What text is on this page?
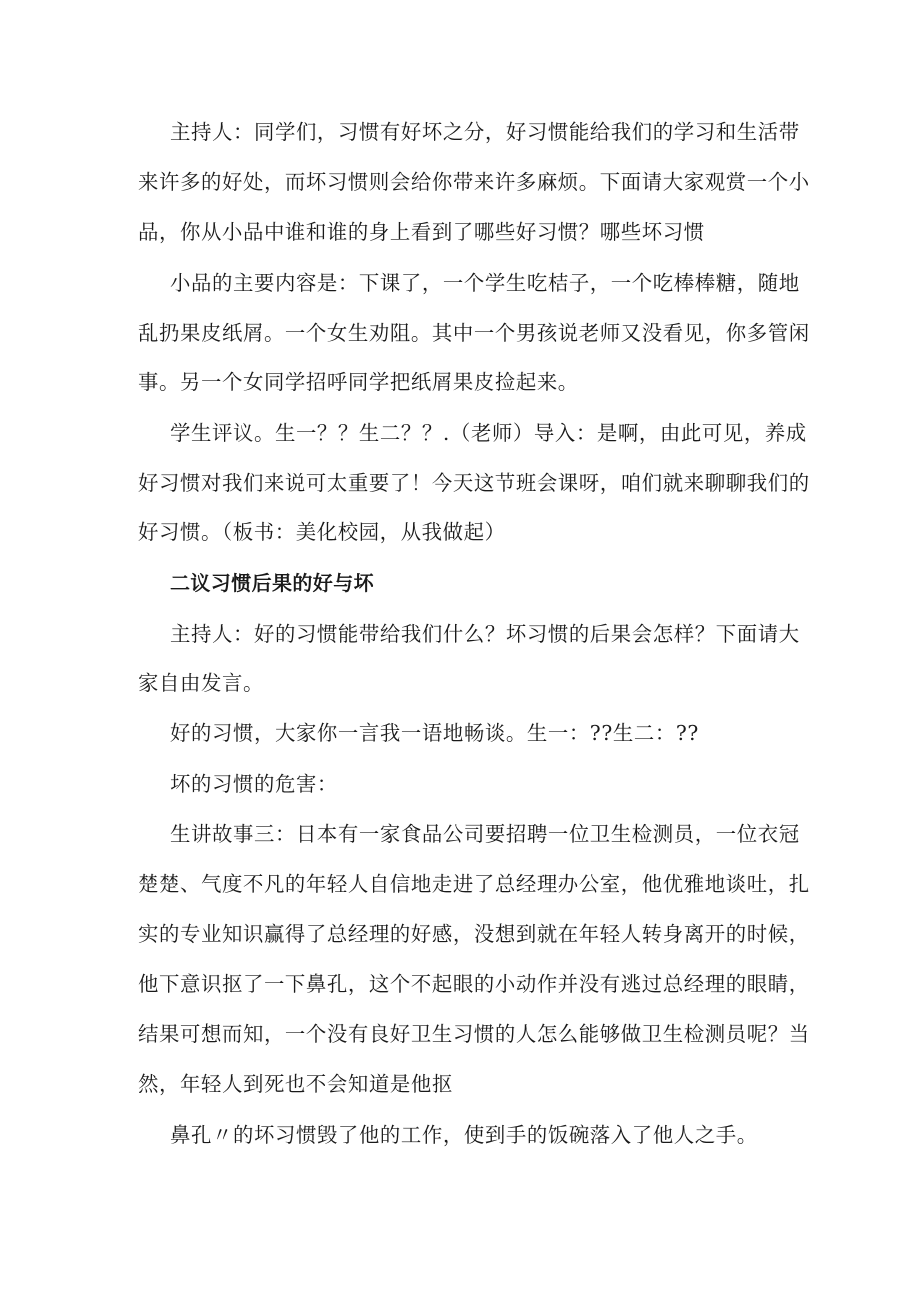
主持人：同学们，习惯有好坏之分，好习惯能给我们的学习和生活带
来许多的好处，而坏习惯则会给你带来许多麻烦。下面请大家观赏一个小
品，你从小品中谁和谁的身上看到了哪些好习惯？哪些坏习惯
小品的主要内容是：下课了，一个学生吃桔子，一个吃棒棒糖，随地
乱扔果皮纸屑。一个女生劝阻。其中一个男孩说老师又没看见，你多管闲
事。另一个女同学招呼同学把纸屑果皮捡起来。
学生评议。生一？？生二？？.（老师）导入：是啊，由此可见，养成
好习惯对我们来说可太重要了！今天这节班会课呀，咱们就来聊聊我们的
好习惯。（板书：美化校园，从我做起）
二议习惯后果的好与坏
主持人：好的习惯能带给我们什么？坏习惯的后果会怎样？下面请大
家自由发言。
好的习惯，大家你一言我一语地畅谈。生一：??生二：??
坏的习惯的危害：
生讲故事三：日本有一家食品公司要招聘一位卫生检测员，一位衣冠
楚楚、气度不凡的年轻人自信地走进了总经理办公室，他优雅地谈吐，扎
实的专业知识赢得了总经理的好感，没想到就在年轻人转身离开的时候，
他下意识抠了一下鼻孔，这个不起眼的小动作并没有逃过总经理的眼睛，
结果可想而知，一个没有良好卫生习惯的人怎么能够做卫生检测员呢？当
然，年轻人到死也不会知道是他抠
鼻孔〃的坏习惯毁了他的工作，使到手的饭碗落入了他人之手。
